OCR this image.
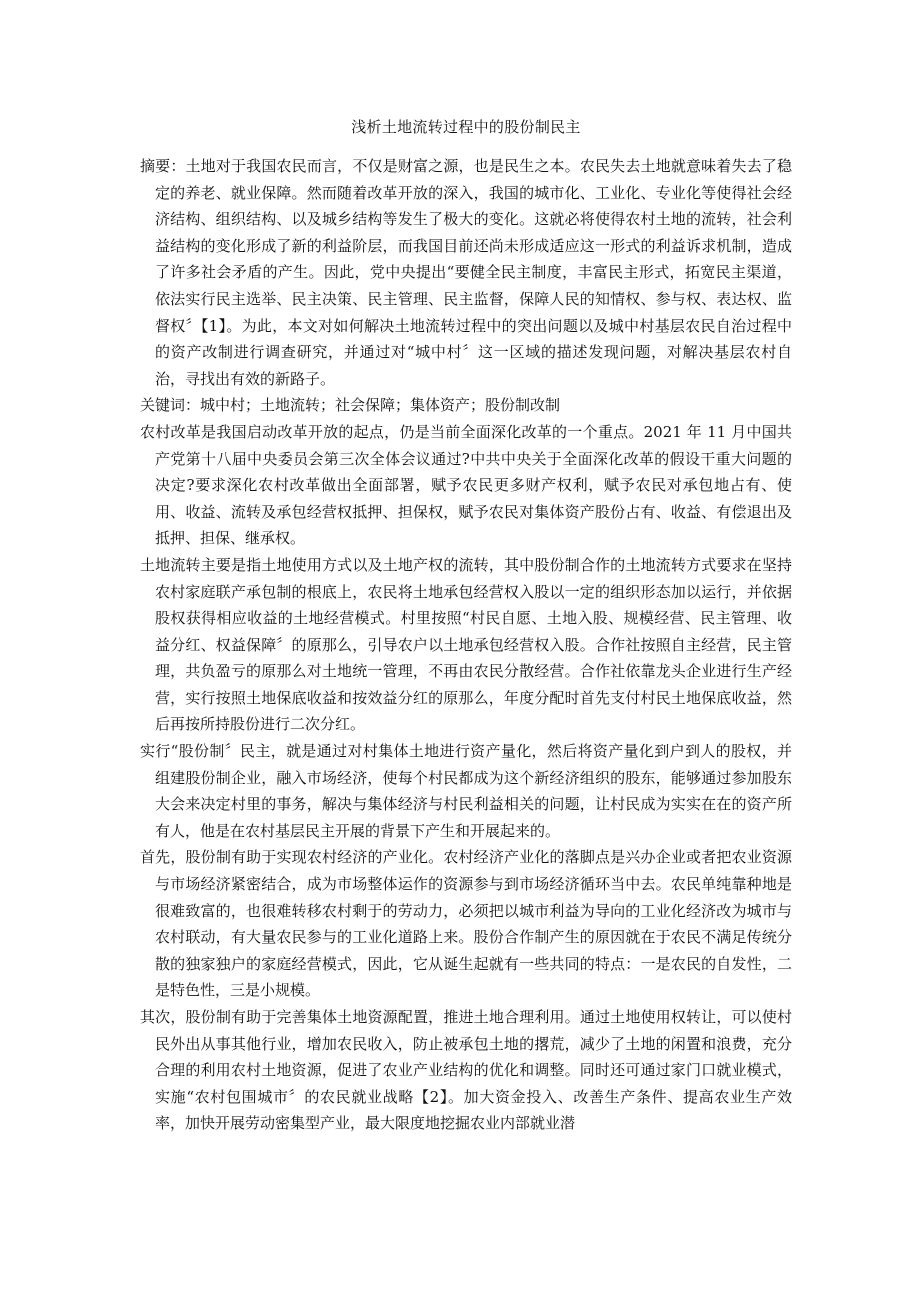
浅析土地流转过程中的股份制民主

摘要：土地对于我国农民而言，不仅是财富之源，也是民生之本。农民失去土地就意味着失去了稳定的养老、就业保障。然而随着改革开放的深入，我国的城市化、工业化、专业化等使得社会经济结构、组织结构、以及城乡结构等发生了极大的变化。这就必将使得农村土地的流转，社会利益结构的变化形成了新的利益阶层，而我国目前还尚未形成适应这一形式的利益诉求机制，造成了许多社会矛盾的产生。因此，党中央提出“要健全民主制度，丰富民主形式，拓宽民主渠道，依法实行民主选举、民主决策、民主管理、民主监督，保障人民的知情权、参与权、表达权、监督权〞【1】。为此，本文对如何解决土地流转过程中的突出问题以及城中村基层农民自治过程中的资产改制进行调查研究，并通过对“城中村〞这一区域的描述发现问题，对解决基层农村自治，寻找出有效的新路子。

关键词：城中村；土地流转；社会保障；集体资产；股份制改制

农村改革是我国启动改革开放的起点，仍是当前全面深化改革的一个重点。2021 年 11 月中国共产党第十八届中央委员会第三次全体会议通过?中共中央关于全面深化改革的假设干重大问题的决定?要求深化农村改革做出全面部署，赋予农民更多财产权利，赋予农民对承包地占有、使用、收益、流转及承包经营权抵押、担保权，赋予农民对集体资产股份占有、收益、有偿退出及抵押、担保、继承权。

土地流转主要是指土地使用方式以及土地产权的流转，其中股份制合作的土地流转方式要求在坚持农村家庭联产承包制的根底上，农民将土地承包经营权入股以一定的组织形态加以运行，并依据股权获得相应收益的土地经营模式。村里按照“村民自愿、土地入股、规模经营、民主管理、收益分红、权益保障〞的原那么，引导农户以土地承包经营权入股。合作社按照自主经营，民主管理，共负盈亏的原那么对土地统一管理，不再由农民分散经营。合作社依靠龙头企业进行生产经营，实行按照土地保底收益和按效益分红的原那么，年度分配时首先支付村民土地保底收益，然后再按所持股份进行二次分红。

实行“股份制〞民主，就是通过对村集体土地进行资产量化，然后将资产量化到户到人的股权，并组建股份制企业，融入市场经济，使每个村民都成为这个新经济组织的股东，能够通过参加股东大会来决定村里的事务，解决与集体经济与村民利益相关的问题，让村民成为实实在在的资产所有人，他是在农村基层民主开展的背景下产生和开展起来的。

首先，股份制有助于实现农村经济的产业化。农村经济产业化的落脚点是兴办企业或者把农业资源与市场经济紧密结合，成为市场整体运作的资源参与到市场经济循环当中去。农民单纯靠种地是很难致富的，也很难转移农村剩于的劳动力，必须把以城市利益为导向的工业化经济改为城市与农村联动，有大量农民参与的工业化道路上来。股份合作制产生的原因就在于农民不满足传统分散的独家独户的家庭经营模式，因此，它从诞生起就有一些共同的特点：一是农民的自发性，二是特色性，三是小规模。

其次，股份制有助于完善集体土地资源配置，推进土地合理利用。通过土地使用权转让，可以使村民外出从事其他行业，增加农民收入，防止被承包土地的撂荒，减少了土地的闲置和浪费，充分合理的利用农村土地资源，促进了农业产业结构的优化和调整。同时还可通过家门口就业模式，实施“农村包围城市〞的农民就业战略【2】。加大资金投入、改善生产条件、提高农业生产效率，加快开展劳动密集型产业，最大限度地挖掘农业内部就业潜
